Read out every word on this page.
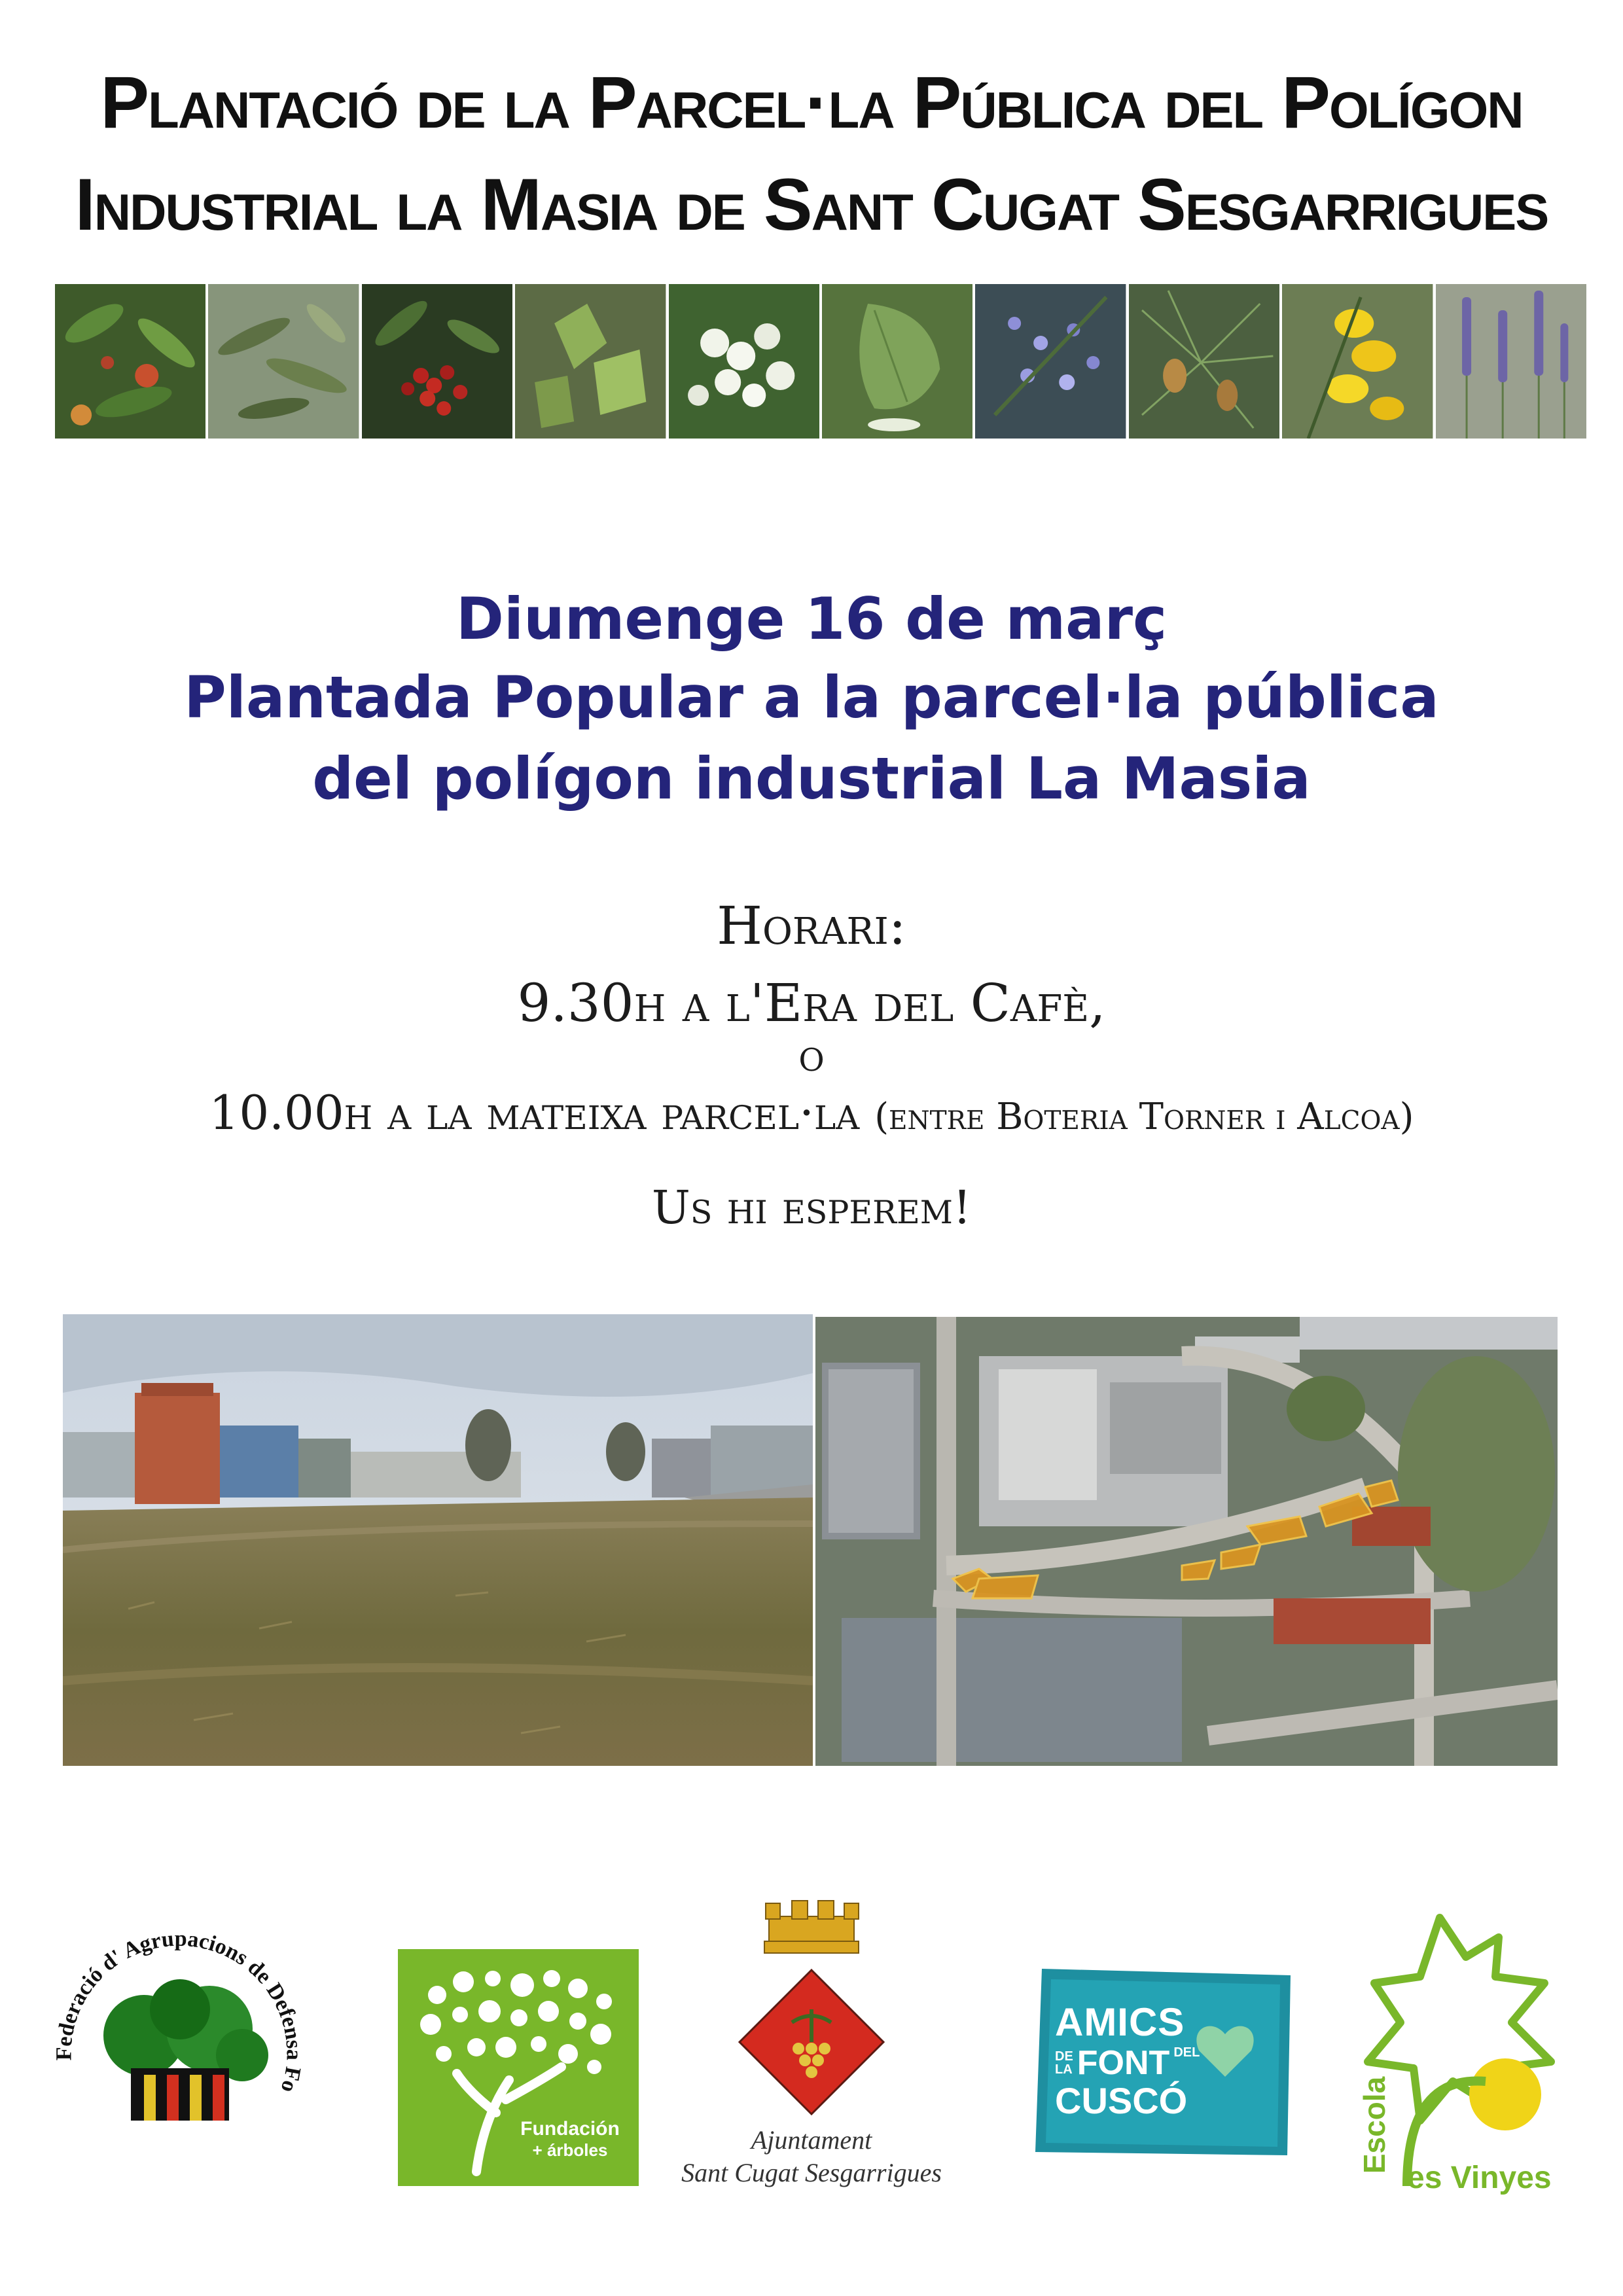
Plantació de la Parcel·la Pública del Polígon
Industrial la Masia de Sant Cugat Sesgarrigues
Diumenge 16 de març
Plantada Popular a la parcel·la pública
del polígon industrial La Masia
Horari:
9.30h a l'Era del Cafè,
o
10.00h a la mateixa parcel·la (entre Boteria Torner i Alcoa)
Us hi esperem!
Federació d' Agrupacions de Defensa Fo
Fundación
+ árboles	Ajuntament
Sant Cugat Sesgarrigues
AMICS
DE
LA FONT DEL
CUSCÓ	Escola
es Vinyes
